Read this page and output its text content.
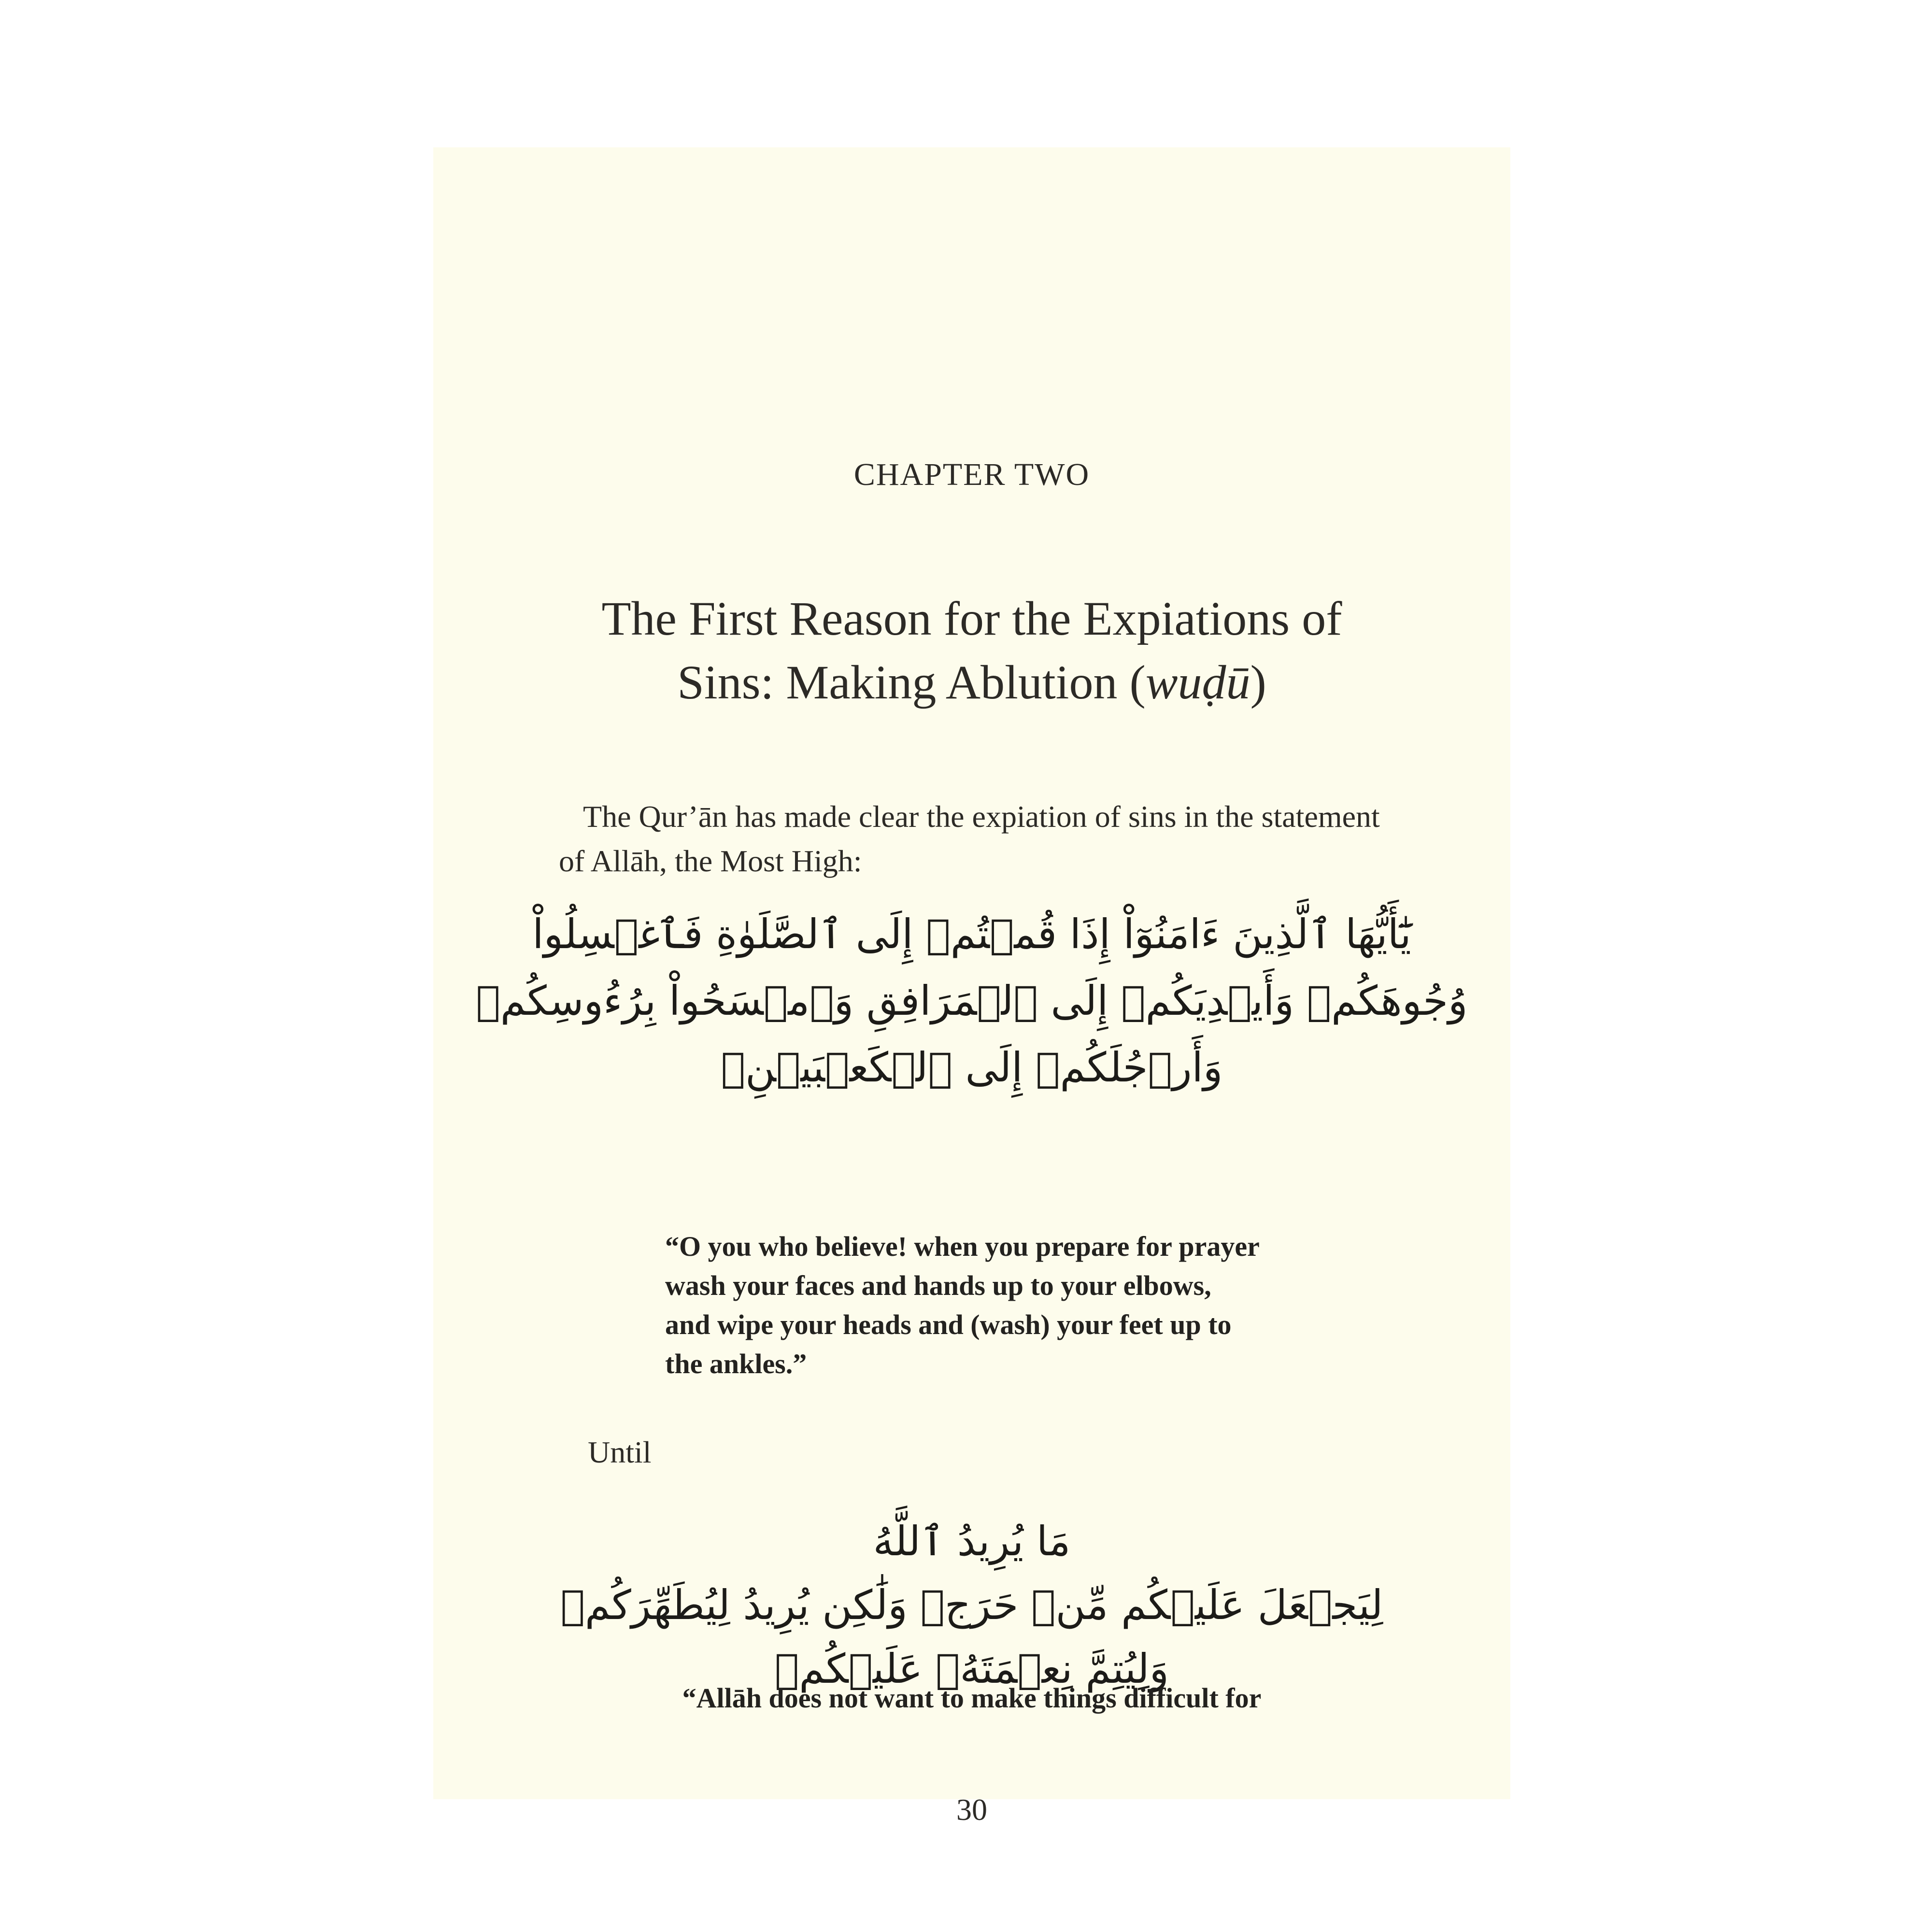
CHAPTER TWO
The First Reason for the Expiations of
Sins: Making Ablution (wuḍū)
The Qur’ān has made clear the expiation of sins in the statement
of Allāh, the Most High:
يَٰٓأَيُّهَا ٱلَّذِينَ ءَامَنُوٓاْ إِذَا قُمۡتُمۡ إِلَى ٱلصَّلَوٰةِ فَٱغۡسِلُواْ
وُجُوهَكُمۡ وَأَيۡدِيَكُمۡ إِلَى ٱلۡمَرَافِقِ وَٱمۡسَحُواْ بِرُءُوسِكُمۡ
وَأَرۡجُلَكُمۡ إِلَى ٱلۡكَعۡبَيۡنِۚ
“O you who believe! when you prepare for prayer
wash your faces and hands up to your elbows,
and wipe your heads and (wash) your feet up to
the ankles.”
Until
مَا يُرِيدُ ٱللَّهُ
لِيَجۡعَلَ عَلَيۡكُم مِّنۡ حَرَجٖ وَلَٰكِن يُرِيدُ لِيُطَهِّرَكُمۡ
وَلِيُتِمَّ نِعۡمَتَهُۥ عَلَيۡكُمۡ
“Allāh does not want to make things difficult for
30
